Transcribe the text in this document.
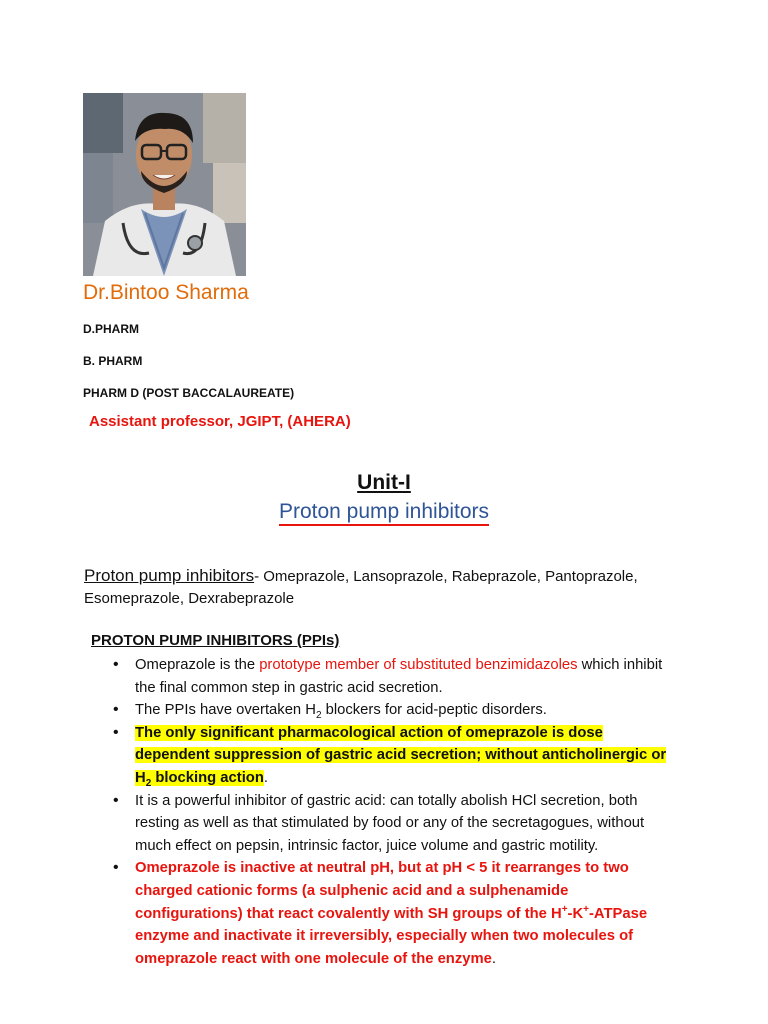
Dr.Bintoo Sharma
D.PHARM
B. PHARM
PHARM D (POST BACCALAUREATE)
Assistant professor, JGIPT, (AHERA)
Unit-I
Proton pump inhibitors
Proton pump inhibitors- Omeprazole, Lansoprazole, Rabeprazole, Pantoprazole, Esomeprazole, Dexrabeprazole
PROTON PUMP INHIBITORS (PPIs)
• Omeprazole is the prototype member of substituted benzimidazoles which inhibit the final common step in gastric acid secretion.
• The PPIs have overtaken $H_2$ blockers for acid-peptic disorders.
• The only significant pharmacological action of omeprazole is dose dependent suppression of gastric acid secretion; without anticholinergic or $H_2$ blocking action.
• It is a powerful inhibitor of gastric acid: can totally abolish HCl secretion, both resting as well as that stimulated by food or any of the secretagogues, without much effect on pepsin, intrinsic factor, juice volume and gastric motility.
• Omeprazole is inactive at neutral pH, but at pH < 5 it rearranges to two charged cationic forms (a sulphenic acid and a sulphenamide configurations) that react covalently with SH groups of the H+-K+-ATPase enzyme and inactivate it irreversibly, especially when two molecules of omeprazole react with one molecule of the enzyme.
